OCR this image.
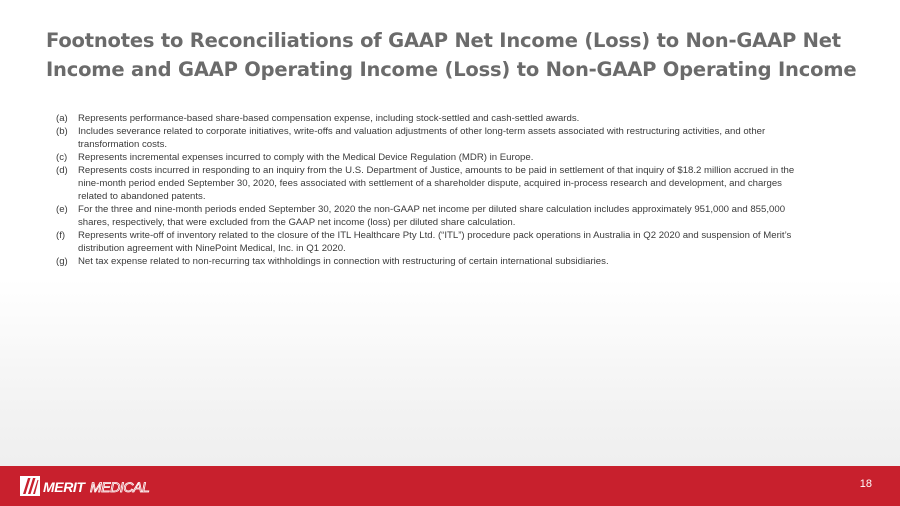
Footnotes to Reconciliations of GAAP Net Income (Loss) to Non-GAAP Net Income and GAAP Operating Income (Loss) to Non-GAAP Operating Income
(a)	Represents performance-based share-based compensation expense, including stock-settled and cash-settled awards.
(b)	Includes severance related to corporate initiatives, write-offs and valuation adjustments of other long-term assets associated with restructuring activities, and other transformation costs.
(c)	Represents incremental expenses incurred to comply with the Medical Device Regulation (MDR) in Europe.
(d)	Represents costs incurred in responding to an inquiry from the U.S. Department of Justice, amounts to be paid in settlement of that inquiry of $18.2 million accrued in the nine-month period ended September 30, 2020, fees associated with settlement of a shareholder dispute, acquired in-process research and development, and charges related to abandoned patents.
(e)	For the three and nine-month periods ended September 30, 2020 the non-GAAP net income per diluted share calculation includes approximately 951,000 and 855,000 shares, respectively, that were excluded from the GAAP net income (loss) per diluted share calculation.
(f)	Represents write-off of inventory related to the closure of the ITL Healthcare Pty Ltd. (“ITL”) procedure pack operations in Australia in Q2 2020 and suspension of Merit’s distribution agreement with NinePoint Medical, Inc. in Q1 2020.
(g)	Net tax expense related to non-recurring tax withholdings in connection with restructuring of certain international subsidiaries.
MERIT MEDICAL	18
